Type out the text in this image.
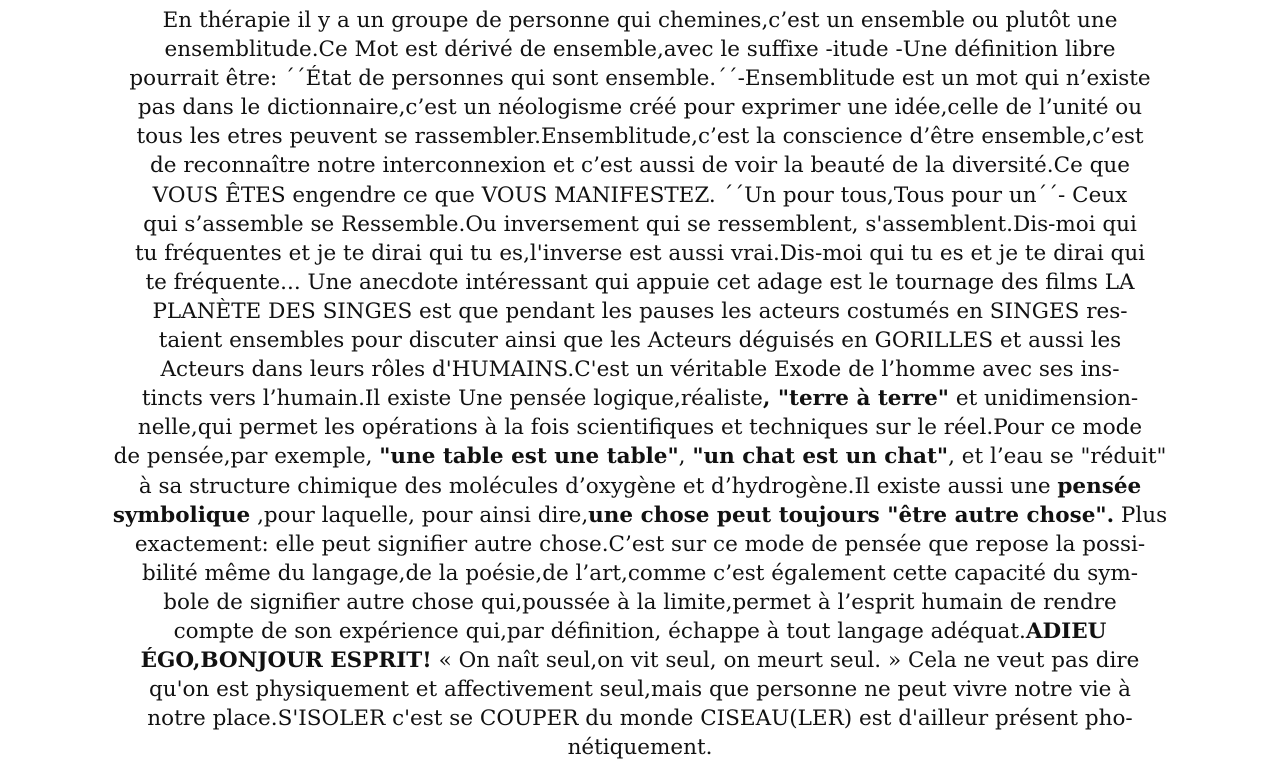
En thérapie il y a un groupe de personne qui chemines,c’est un ensemble ou plutôt une
ensemblitude.Ce Mot est dérivé de ensemble,avec le suffixe -itude -Une définition libre
pourrait être: ´´État de personnes qui sont ensemble.´´-Ensemblitude est un mot qui n’existe
pas dans le dictionnaire,c’est un néologisme créé pour exprimer une idée,celle de l’unité ou
tous les etres peuvent se rassembler.Ensemblitude,c’est la conscience d’être ensemble,c’est
de reconnaître notre interconnexion et c’est aussi de voir la beauté de la diversité.Ce que
VOUS ÊTES engendre ce que VOUS MANIFESTEZ. ´´Un pour tous,Tous pour un´´- Ceux
qui s’assemble se Ressemble.Ou inversement qui se ressemblent, s'assemblent.Dis-moi qui
tu fréquentes et je te dirai qui tu es,l'inverse est aussi vrai.Dis-moi qui tu es et je te dirai qui
te fréquente... Une anecdote intéressant qui appuie cet adage est le tournage des films LA
PLANÈTE DES SINGES est que pendant les pauses les acteurs costumés en SINGES res-
taient ensembles pour discuter ainsi que les Acteurs déguisés en GORILLES et aussi les
Acteurs dans leurs rôles d'HUMAINS.C'est un véritable Exode de l’homme avec ses ins-
tincts vers l’humain.Il existe Une pensée logique,réaliste, "terre à terre" et unidimension-
nelle,qui permet les opérations à la fois scientifiques et techniques sur le réel.Pour ce mode
de pensée,par exemple, "une table est une table", "un chat est un chat", et l’eau se "réduit"
à sa structure chimique des molécules d’oxygène et d’hydrogène.Il existe aussi une pensée
symbolique ,pour laquelle, pour ainsi dire,une chose peut toujours "être autre chose". Plus
exactement: elle peut signifier autre chose.C’est sur ce mode de pensée que repose la possi-
bilité même du langage,de la poésie,de l’art,comme c’est également cette capacité du sym-
bole de signifier autre chose qui,poussée à la limite,permet à l’esprit humain de rendre
compte de son expérience qui,par définition, échappe à tout langage adéquat.ADIEU
ÉGO,BONJOUR ESPRIT! « On naît seul,on vit seul, on meurt seul. » Cela ne veut pas dire
qu'on est physiquement et affectivement seul,mais que personne ne peut vivre notre vie à
notre place.S'ISOLER c'est se COUPER du monde CISEAU(LER) est d'ailleur présent pho-
nétiquement.
